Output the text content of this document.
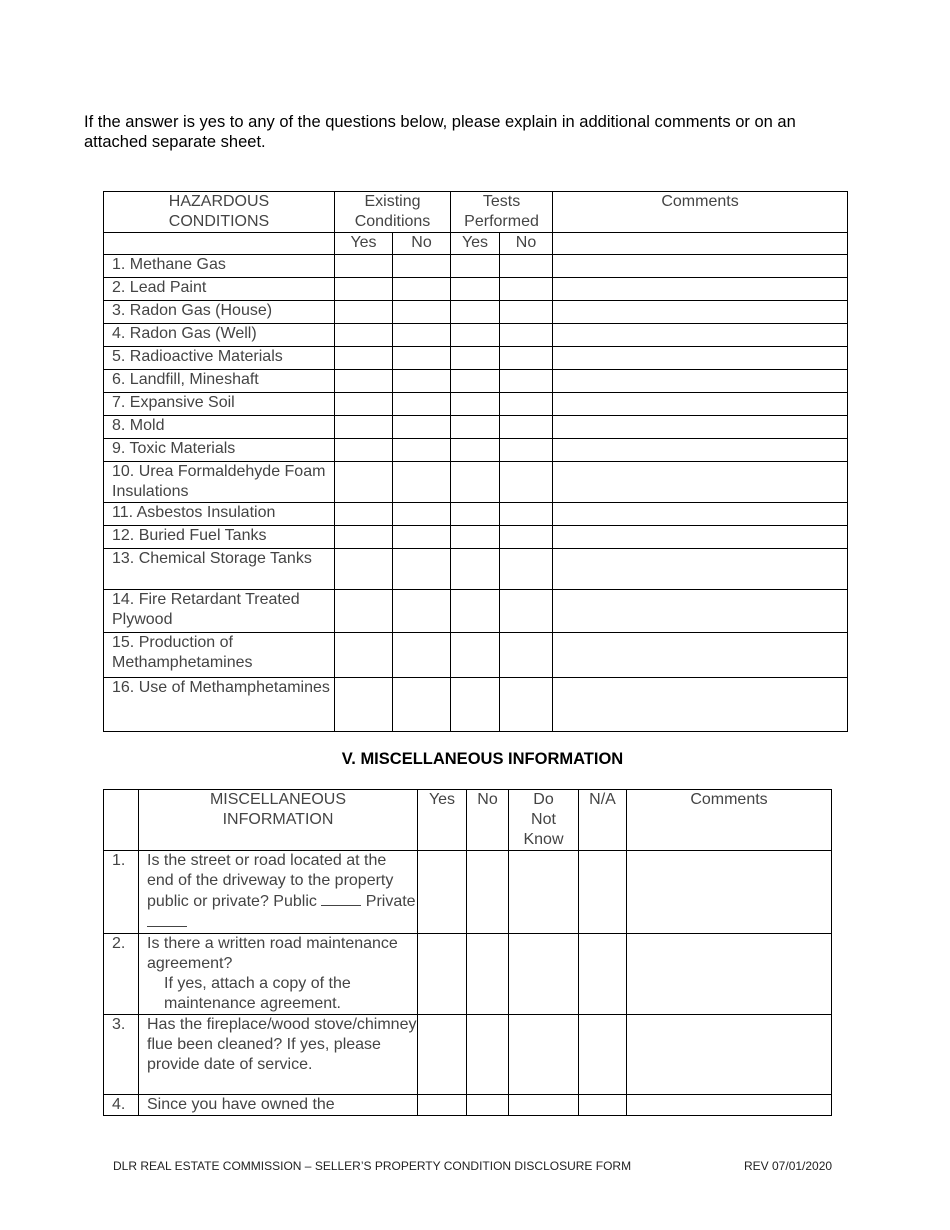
If the answer is yes to any of the questions below, please explain in additional comments or on an attached separate sheet.
HAZARDOUS CONDITIONS	Existing Conditions		Tests Performed		Comments
	Yes	No	Yes	No	
1. Methane Gas					
2. Lead Paint					
3. Radon Gas (House)					
4. Radon Gas (Well)					
5. Radioactive Materials					
6. Landfill, Mineshaft					
7. Expansive Soil					
8. Mold					
9. Toxic Materials					
10. Urea Formaldehyde Foam Insulations					
11. Asbestos Insulation					
12. Buried Fuel Tanks					
13. Chemical Storage Tanks					
14. Fire Retardant Treated Plywood					
15. Production of Methamphetamines					
16. Use of Methamphetamines					
V. MISCELLANEOUS INFORMATION
	MISCELLANEOUS INFORMATION	Yes	No	Do Not Know	N/A	Comments
1.	Is the street or road located at the end of the driveway to the property public or private? Public Private					
2.	Is there a written road maintenance agreement?
If yes, attach a copy of the maintenance agreement.					

3.	Has the fireplace/wood stove/chimney flue been cleaned? If yes, please provide date of service.					
4.	Since you have owned the					
DLR REAL ESTATE COMMISSION – SELLER’S PROPERTY CONDITION DISCLOSURE FORM	REV 07/01/2020
